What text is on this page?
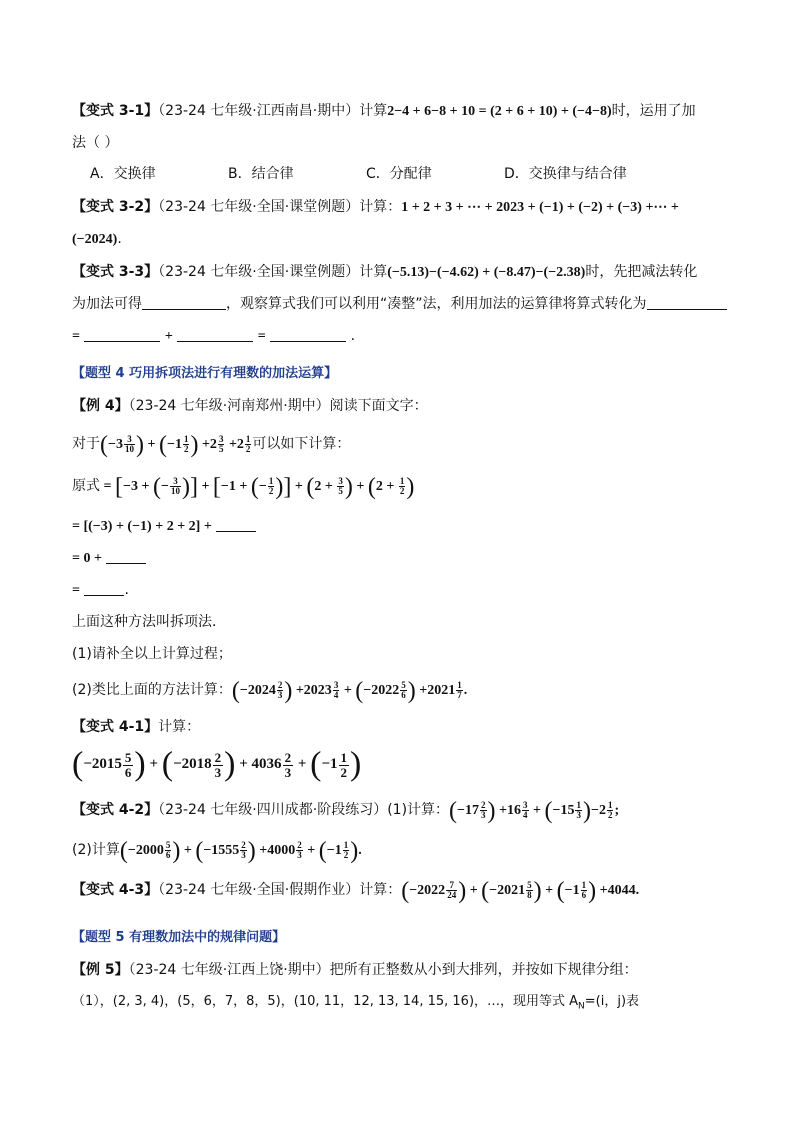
【变式 3-1】（23-24 七年级·江西南昌·期中）计算2−4 + 6−8 + 10 = (2 + 6 + 10) + (−4−8)时，运用了加
法（ ）
A．交换律	B．结合律	C．分配律	D．交换律与结合律
【变式 3-2】（23-24 七年级·全国·课堂例题）计算：1 + 2 + 3 + ⋯ + 2023 + (−1) + (−2) + (−3) +⋯ +
(−2024).
【变式 3-3】（23-24 七年级·全国·课堂例题）计算(−5.13)−(−4.62) + (−8.47)−(−2.38)时，先把减法转化
为加法可得	，观察算式我们可以利用“凑整”法，利用加法的运算律将算式转化为
=	+	=	.
【题型 4 巧用拆项法进行有理数的加法运算】
【例 4】（23-24 七年级·河南郑州·期中）阅读下面文字：
对于($-3 \frac{3}{10}$ ) + ($-1 \frac{1}{2}$ ) $+2 \frac{3}{5} +2 \frac{1}{2}$ 可以如下计算：
原式 = [−3 + (− $\frac{3}{10}$ )] + [−1 + (− $\frac{1}{2}$ )] + ($2 + \frac{3}{5}$ ) + ($2 + \frac{1}{2}$ )
= [(−3) + (−1) + 2 + 2] +
= 0 +
=	.
上面这种方法叫拆项法．
(1)请补全以上计算过程；
(2)类比上面的方法计算：($-2024 \frac{2}{3}$ ) $+2023 \frac{3}{4} + (-2022 \frac{5}{6}$ ) $+2021 \frac{1}{7}$ .
【变式 4-1】计算：
($-2015 \frac{5}{6}$ ) + ($-2018 \frac{2}{3}$ ) + $4036 \frac{2}{3} + (-1 \frac{1}{2}$ )
【变式 4-2】（23-24 七年级·四川成都·阶段练习）(1)计算：($-17 \frac{2}{3}$ ) $+16 \frac{3}{4} + (-15 \frac{1}{3} )-2 \frac{1}{2}$ ;
(2)计算($-2000 \frac{5}{6}$ ) + ($-1555 \frac{2}{3}$ ) $+4000 \frac{2}{3} + (-1 \frac{1}{2}$ ).
【变式 4-3】（23-24 七年级·全国·假期作业）计算：($-2022 \frac{7}{24}$ ) + ($-2021 \frac{5}{8}$ ) + ($-1 \frac{1}{6}$ ) +4044.
【题型 5 有理数加法中的规律问题】
【例 5】（23-24 七年级·江西上饶·期中）把所有正整数从小到大排列，并按如下规律分组：
（1），(2, 3, 4)，(5，6，7，8，5)，(10, 11，12, 13, 14, 15, 16)，…，现用等式 $A_N=(i$，j)表
